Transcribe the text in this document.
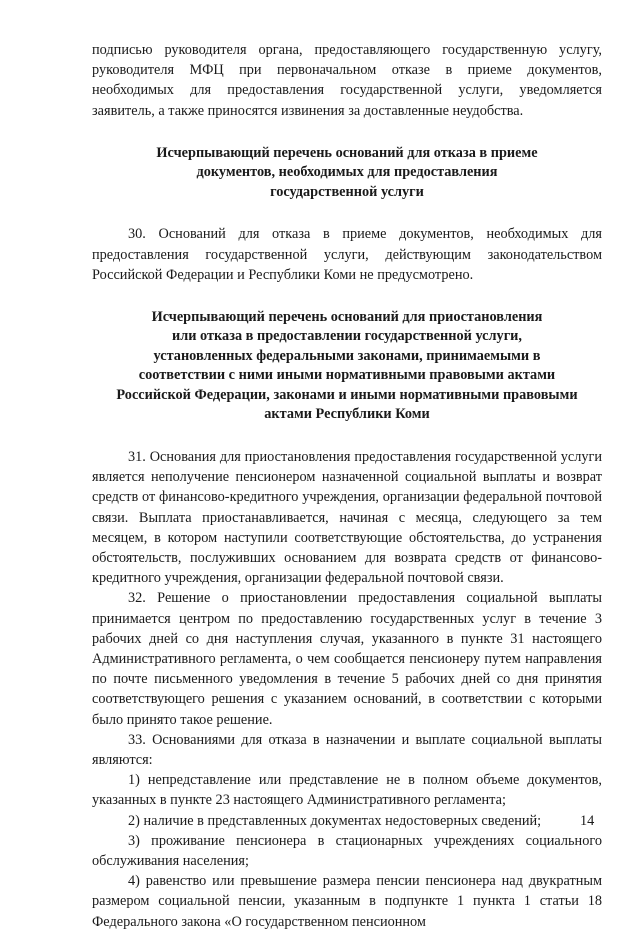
подписью руководителя органа, предоставляющего государственную услугу, руководителя МФЦ при первоначальном отказе в приеме документов, необходимых для предоставления государственной услуги, уведомляется заявитель, а также приносятся извинения за доставленные неудобства.

Исчерпывающий перечень оснований для отказа в приеме
документов, необходимых для предоставления
государственной услуги

30. Оснований для отказа в приеме документов, необходимых для предоставления государственной услуги, действующим законодательством Российской Федерации и Республики Коми не предусмотрено.

Исчерпывающий перечень оснований для приостановления
или отказа в предоставлении государственной услуги,
установленных федеральными законами, принимаемыми в
соответствии с ними иными нормативными правовыми актами
Российской Федерации, законами и иными нормативными правовыми
актами Республики Коми

31. Основания для приостановления предоставления государственной услуги является неполучение пенсионером назначенной социальной выплаты и возврат средств от финансово-кредитного учреждения, организации федеральной почтовой связи. Выплата приостанавливается, начиная с месяца, следующего за тем месяцем, в котором наступили соответствующие обстоятельства, до устранения обстоятельств, послуживших основанием для возврата средств от финансово-кредитного учреждения, организации федеральной почтовой связи.

32. Решение о приостановлении предоставления социальной выплаты принимается центром по предоставлению государственных услуг в течение 3 рабочих дней со дня наступления случая, указанного в пункте 31 настоящего Административного регламента, о чем сообщается пенсионеру путем направления по почте письменного уведомления в течение 5 рабочих дней со дня принятия соответствующего решения с указанием оснований, в соответствии с которыми было принято такое решение.

33. Основаниями для отказа в назначении и выплате социальной выплаты являются:

1) непредставление или представление не в полном объеме документов, указанных в пункте 23 настоящего Административного регламента;

2) наличие в представленных документах недостоверных сведений;

3) проживание пенсионера в стационарных учреждениях социального обслуживания населения;

4) равенство или превышение размера пенсии пенсионера над двукратным размером социальной пенсии, указанным в подпункте 1 пункта 1 статьи 18 Федерального закона «О государственном пенсионном

14
